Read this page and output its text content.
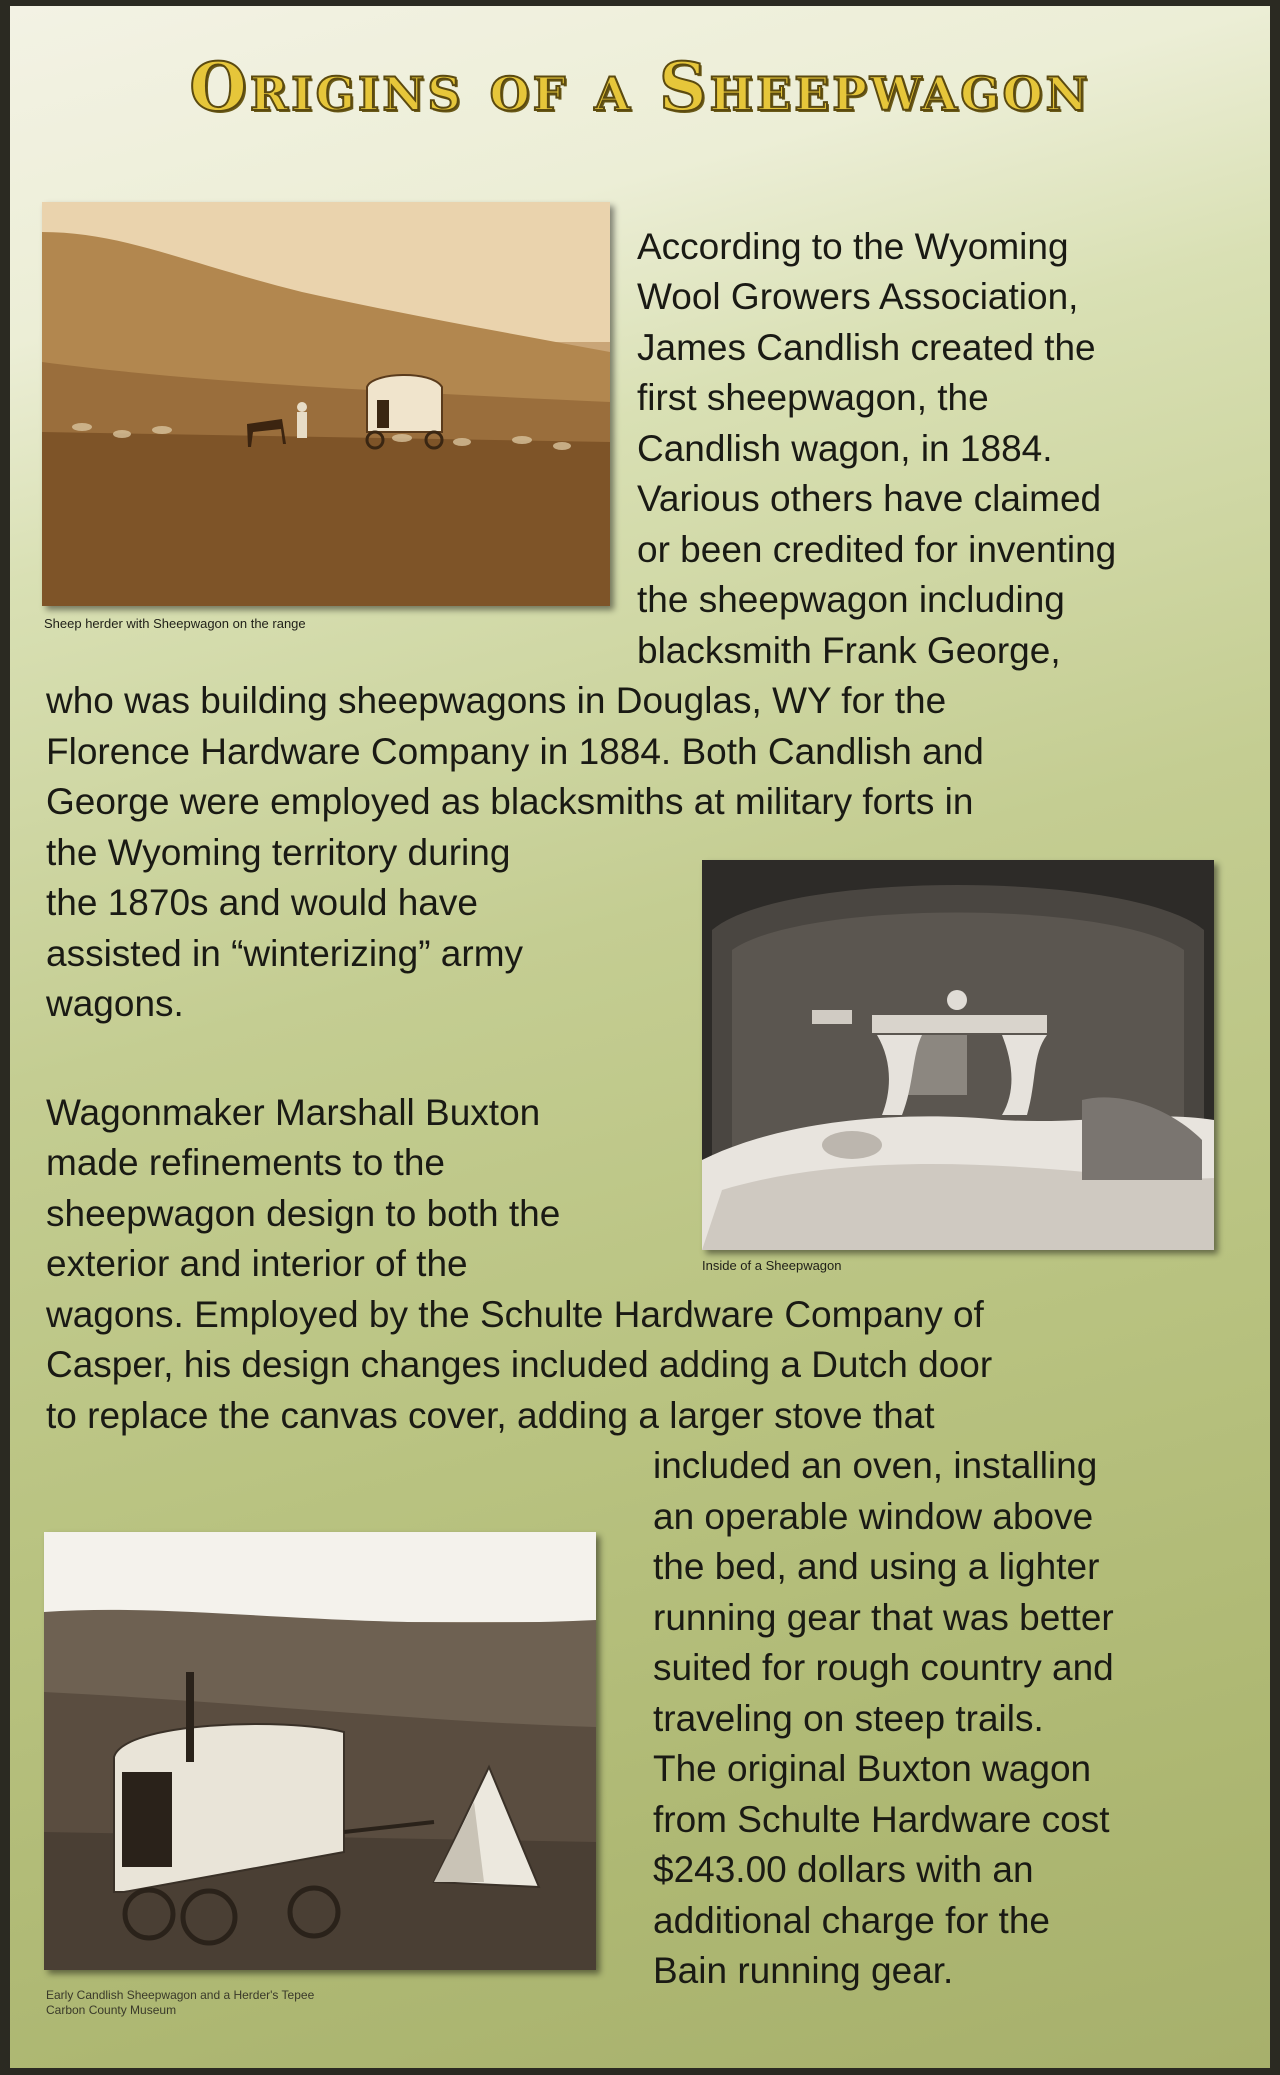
Origins of a Sheepwagon
Sheep herder with Sheepwagon on the range
Inside of a Sheepwagon
Early Candlish Sheepwagon and a Herder's Tepee
Carbon County Museum
According to the Wyoming
Wool Growers Association,
James Candlish created the
first sheepwagon, the
Candlish wagon, in 1884.
Various others have claimed
or been credited for inventing
the sheepwagon including
blacksmith Frank George,
who was building sheepwagons in Douglas, WY for the
Florence Hardware Company in 1884. Both Candlish and
George were employed as blacksmiths at military forts in
the Wyoming territory during
the 1870s and would have
assisted in “winterizing” army
wagons.
Wagonmaker Marshall Buxton
made refinements to the
sheepwagon design to both the
exterior and interior of the
wagons. Employed by the Schulte Hardware Company of
Casper, his design changes included adding a Dutch door
to replace the canvas cover, adding a larger stove that
included an oven, installing
an operable window above
the bed, and using a lighter
running gear that was better
suited for rough country and
traveling on steep trails.
The original Buxton wagon
from Schulte Hardware cost
$243.00 dollars with an
additional charge for the
Bain running gear.
